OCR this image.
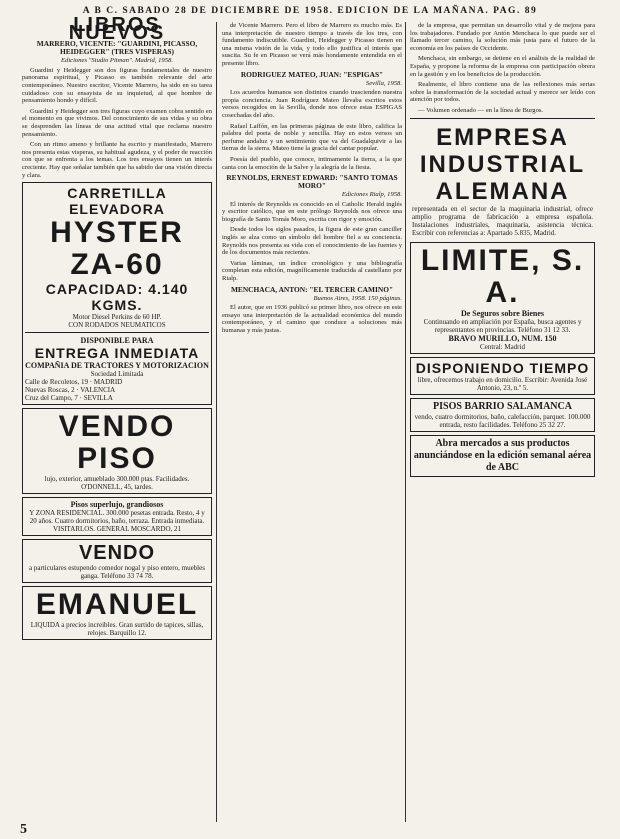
A B C. SABADO 28 DE DICIEMBRE DE 1958. EDICION DE LA MAÑANA. PAG. 89
LIBROS NUEVOS
MARRERO, VICENTE: "GUARDINI, PICASSO, HEIDEGGER" (TRES VISPERAS)
Ediciones "Studio Pitman". Madrid, 1958.

Guardini y Heidegger son dos figuras fundamentales de nuestro panorama espiritual, y Picasso es también relevante del arte contemporáneo. Nuestro escritor, Vicente Marrero, ha sido en su tarea cuidadoso con su ensayista de su inquietud, al que hombre de pensamiento hondo y difícil.

Guardini y Heidegger son tres figuras cuyo examen cobra sentido en el momento en que vivimos. Del conocimiento de sus vidas y su obra se desprenden las líneas de una actitud vital que reclama nuestro pensamiento.

Con un ritmo ameno y brillante ha escrito y manifestado, Marrero nos presenta estas visperas, su habitual agudeza, y el poder de reacción con que se enfrenta a los temas. Los tres ensayos tienen un interés creciente. Hay que señalar también que ha sabido dar una visión directa y clara.

CARRETILLA ELEVADORA
HYSTER ZA-60
CAPACIDAD: 4.140 KGMS.
Motor Diesel Perkins de 60 HP.
CON RODADOS NEUMATICOS
DISPONIBLE PARA
ENTREGA INMEDIATA
COMPAÑIA DE TRACTORES Y MOTORIZACION
Sociedad Limitada
Calle de Recoletos, 19 · MADRID
Nuevas Roscas, 2 · VALENCIA
Cruz del Campo, 7 · SEVILLA
VENDO PISO
lujo, exterior, amueblado 300.000 ptas. Facilidades. O'DONNELL, 45, tardes.
Pisos superlujo, grandiosos
Y ZONA RESIDENCIAL. 300.000 pesetas entrada. Resto, 4 y 20 años. Cuatro dormitorios, baño, terraza. Entrada inmediata. VISITARLOS. GENERAL MOSCARDO, 21
VENDO
a particulares estupendo comedor nogal y piso entero, muebles ganga. Teléfono 33 74 78.
EMANUEL
LIQUIDA a precios increibles. Gran surtido de tapices, sillas, relojes. Barquillo 12.

de Vicente Marrero. Pero el libro de Marrero es mucho más. Es una interpretación de nuestro tiempo a través de los tres, con fundamento indiscutible. Guardini, Heidegger y Picasso tienen en una misma visión de la vida, y todo ello justifica el interés que suscita. Su fe en Picasso se verá más hondamente entendida en el presente libro.

RODRIGUEZ MATEO, JUAN: "ESPIGAS"
Sevilla, 1958.

Los acuerdos humanos son distintos cuando trascienden nuestra propia conciencia. Juan Rodríguez Mateo llevaba escritos estos versos recogidos en la Sevilla, donde nos ofrece estas ESPIGAS cosechadas del año.

Rafael Laffón, en las primeras páginas de este libro, califica la palabra del poeta de noble y sencilla. Hay en estos versos un perfume andaluz y un sentimiento que va del Guadalquivir a las tierras de la sierra. Mateo tiene la gracia del cantar popular.

Poesía del pueblo, que conoce, intimamente la tierra, a la que canta con la emoción de la Salve y la alegría de la fiesta.

REYNOLDS, ERNEST EDWARD: "SANTO TOMAS MORO"
Ediciones Rialp, 1958.

El interés de Reynolds es conocido en el Catholic Herald inglés y escritor católico, que en este prólogo Reynolds nos ofrece una biografía de Santo Tomás Moro, escrita con rigor y emoción.

Desde todos los siglos pasados, la figura de este gran canciller inglés se alza como un símbolo del hombre fiel a su conciencia. Reynolds nos presenta su vida con el conocimiento de las fuentes y de los documentos más recientes.

Varias láminas, un índice cronológico y una bibliografía completan esta edición, magníficamente traducida al castellano por Rialp.

MENCHACA, ANTON: "EL TERCER CAMINO"
Buenos Aires, 1958. 150 páginas.

El autor, que en 1936 publicó su primer libro, nos ofrece en este ensayo una interpretación de la actualidad económica del mundo contemporáneo, y el camino que conduce a soluciones más humanas y más justas.

de la empresa, que permitan un desarrollo vital y de mejora para los trabajadores. Fundado por Antón Menchaca lo que puede ser el llamado tercer camino, la solución más justa para el futuro de la economía en los países de Occidente.

Menchaca, sin embargo, se detiene en el análisis de la realidad de España, y propone la reforma de la empresa con participación obrera en la gestión y en los beneficios de la producción.

Realmente, el libro contiene una de las reflexiones más serias sobre la transformación de la sociedad actual y merece ser leído con atención por todos.

— Volumen ordenado — en la línea de Burgos.

EMPRESA INDUSTRIAL ALEMANA
representada en el sector de la maquinaria industrial, ofrece amplio programa de fabricación a empresa española. Instalaciones industriales, maquinaria, asistencia técnica. Escribir con referencias a: Apartado 5.835, Madrid.
LIMITE, S. A.
De Seguros sobre Bienes
Continuando en ampliación por España, busca agentes y representantes en provincias. Teléfono 31 12 33.
BRAVO MURILLO, NUM. 150
Central: Madrid
DISPONIENDO TIEMPO
libre, ofrecemos trabajo en domicilio. Escribir: Avenida José Antonio, 23, n.º 5.
PISOS BARRIO SALAMANCA
vendo, cuatro dormitorios, baño, calefacción, parquet. 100.000 entrada, resto facilidades. Teléfono 25 32 27.
Abra mercados a sus productos anunciándose en la edición semanal aérea de ABC
5
